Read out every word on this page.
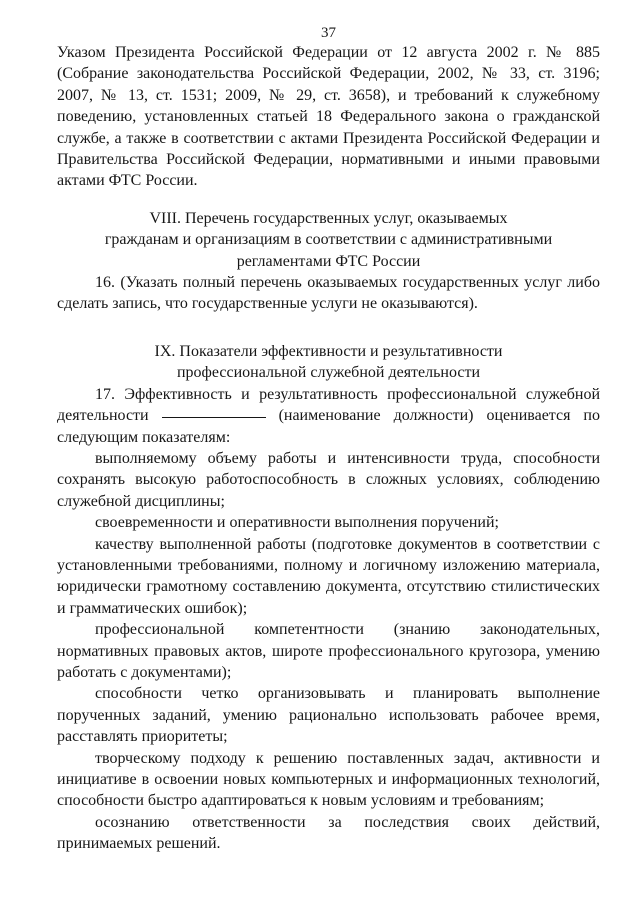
37

Указом Президента Российской Федерации от 12 августа 2002 г. № 885 (Собрание законодательства Российской Федерации, 2002, № 33, ст. 3196; 2007, № 13, ст. 1531; 2009, № 29, ст. 3658), и требований к служебному поведению, установленных статьей 18 Федерального закона о гражданской службе, а также в соответствии с актами Президента Российской Федерации и Правительства Российской Федерации, нормативными и иными правовыми актами ФТС России.

VIII. Перечень государственных услуг, оказываемых
гражданам и организациям в соответствии с административными
регламентами ФТС России

16. (Указать полный перечень оказываемых государственных услуг либо сделать запись, что государственные услуги не оказываются).

IX. Показатели эффективности и результативности
профессиональной служебной деятельности

17. Эффективность и результативность профессиональной служебной деятельности	(наименование должности) оценивается по следующим показателям:

выполняемому объему работы и интенсивности труда, способности сохранять высокую работоспособность в сложных условиях, соблюдению служебной дисциплины;

своевременности и оперативности выполнения поручений;

качеству выполненной работы (подготовке документов в соответствии с установленными требованиями, полному и логичному изложению материала, юридически грамотному составлению документа, отсутствию стилистических и грамматических ошибок);

профессиональной компетентности (знанию законодательных, нормативных правовых актов, широте профессионального кругозора, умению работать с документами);

способности четко организовывать и планировать выполнение порученных заданий, умению рационально использовать рабочее время, расставлять приоритеты;

творческому подходу к решению поставленных задач, активности и инициативе в освоении новых компьютерных и информационных технологий, способности быстро адаптироваться к новым условиям и требованиям;

осознанию ответственности за последствия своих действий, принимаемых решений.
